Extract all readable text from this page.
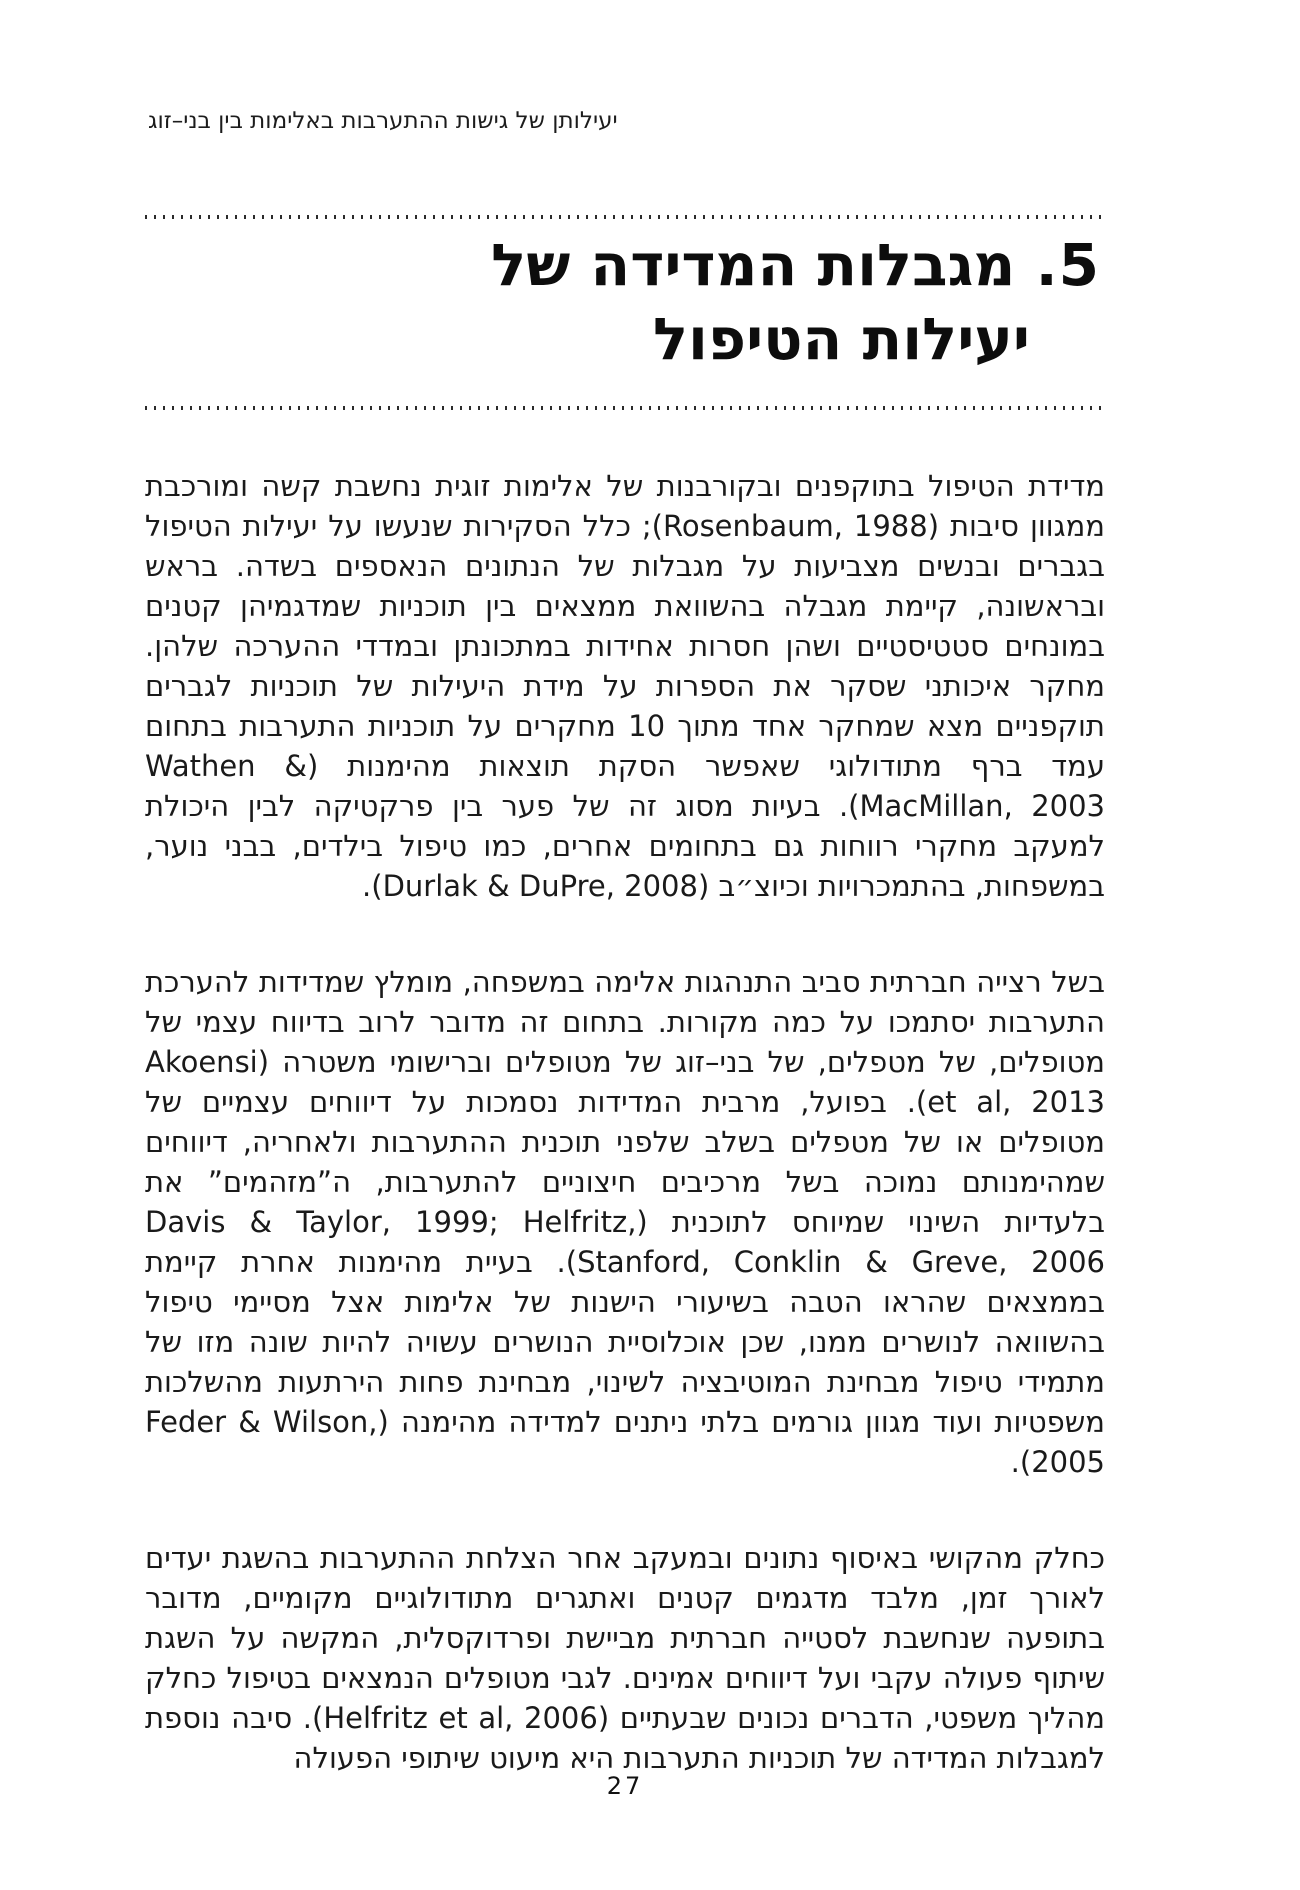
יעילותן של גישות ההתערבות באלימות בין בני–זוג
5. מגבלות המדידה של
יעילות הטיפול

מדידת הטיפול בתוקפנים ובקורבנות של אלימות זוגית נחשבת קשה ומורכבת ממגוון סיבות (Rosenbaum, 1988); כלל הסקירות שנעשו על יעילות הטיפול בגברים ובנשים מצביעות על מגבלות של הנתונים הנאספים בשדה. בראש ובראשונה, קיימת מגבלה בהשוואת ממצאים בין תוכניות שמדגמיהן קטנים במונחים סטטיסטיים ושהן חסרות אחידות במתכונתן ובמדדי ההערכה שלהן. מחקר איכותני שסקר את הספרות על מידת היעילות של תוכניות לגברים תוקפניים מצא שמחקר אחד מתוך 10 מחקרים על תוכניות התערבות בתחום עמד ברף מתודולוגי שאפשר הסקת תוצאות מהימנות (Wathen & MacMillan, 2003). בעיות מסוג זה של פער בין פרקטיקה לבין היכולת למעקב מחקרי רווחות גם בתחומים אחרים, כמו טיפול בילדים, בבני נוער, במשפחות, בהתמכרויות וכיוצ״ב (Durlak & DuPre, 2008).

בשל רצייה חברתית סביב התנהגות אלימה במשפחה, מומלץ שמדידות להערכת התערבות יסתמכו על כמה מקורות. בתחום זה מדובר לרוב בדיווח עצמי של מטופלים, של מטפלים, של בני–זוג של מטופלים וברישומי משטרה (Akoensi et al, 2013). בפועל, מרבית המדידות נסמכות על דיווחים עצמיים של מטופלים או של מטפלים בשלב שלפני תוכנית ההתערבות ולאחריה, דיווחים שמהימנותם נמוכה בשל מרכיבים חיצוניים להתערבות, ה”מזהמים” את בלעדיות השינוי שמיוחס לתוכנית (Davis & Taylor, 1999; Helfritz, Stanford, Conklin & Greve, 2006). בעיית מהימנות אחרת קיימת בממצאים שהראו הטבה בשיעורי הישנות של אלימות אצל מסיימי טיפול בהשוואה לנושרים ממנו, שכן אוכלוסיית הנושרים עשויה להיות שונה מזו של מתמידי טיפול מבחינת המוטיבציה לשינוי, מבחינת פחות הירתעות מהשלכות משפטיות ועוד מגוון גורמים בלתי ניתנים למדידה מהימנה (Feder & Wilson, 2005).

כחלק מהקושי באיסוף נתונים ובמעקב אחר הצלחת ההתערבות בהשגת יעדים לאורך זמן, מלבד מדגמים קטנים ואתגרים מתודולוגיים מקומיים, מדובר בתופעה שנחשבת לסטייה חברתית מביישת ופרדוקסלית, המקשה על השגת שיתוף פעולה עקבי ועל דיווחים אמינים. לגבי מטופלים הנמצאים בטיפול כחלק מהליך משפטי, הדברים נכונים שבעתיים (Helfritz et al, 2006). סיבה נוספת למגבלות המדידה של תוכניות התערבות היא מיעוט שיתופי הפעולה

27
